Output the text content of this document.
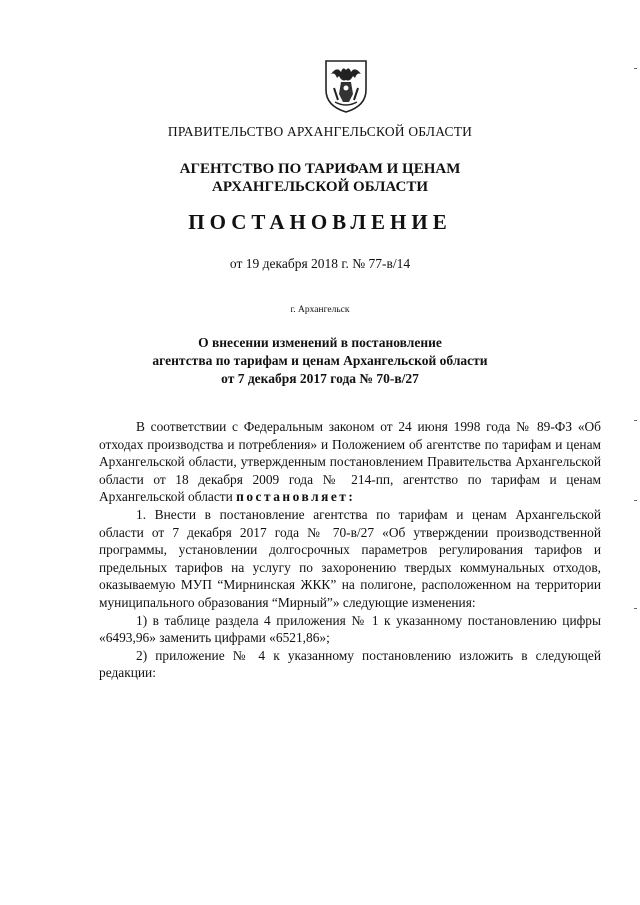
ПРАВИТЕЛЬСТВО АРХАНГЕЛЬСКОЙ ОБЛАСТИ
АГЕНТСТВО ПО ТАРИФАМ И ЦЕНАМ
АРХАНГЕЛЬСКОЙ ОБЛАСТИ
ПОСТАНОВЛЕНИЕ
от 19 декабря 2018 г. № 77-в/14
г. Архангельск
О внесении изменений в постановление
агентства по тарифам и ценам Архангельской области
от 7 декабря 2017 года № 70-в/27

В соответствии с Федеральным законом от 24 июня 1998 года № 89-ФЗ «Об отходах производства и потребления» и Положением об агентстве по тарифам и ценам Архангельской области, утвержденным постановлением Правительства Архангельской области от 18 декабря 2009 года № 214-пп, агентство по тарифам и ценам Архангельской области постановляет:

1. Внести в постановление агентства по тарифам и ценам Архангельской области от 7 декабря 2017 года № 70-в/27 «Об утверждении производственной программы, установлении долгосрочных параметров регулирования тарифов и предельных тарифов на услугу по захоронению твердых коммунальных отходов, оказываемую МУП “Мирнинская ЖКК” на полигоне, расположенном на территории муниципального образования “Мирный”» следующие изменения:

1) в таблице раздела 4 приложения № 1 к указанному постановлению цифры «6493,96» заменить цифрами «6521,86»;

2) приложение № 4 к указанному постановлению изложить в следующей редакции:
